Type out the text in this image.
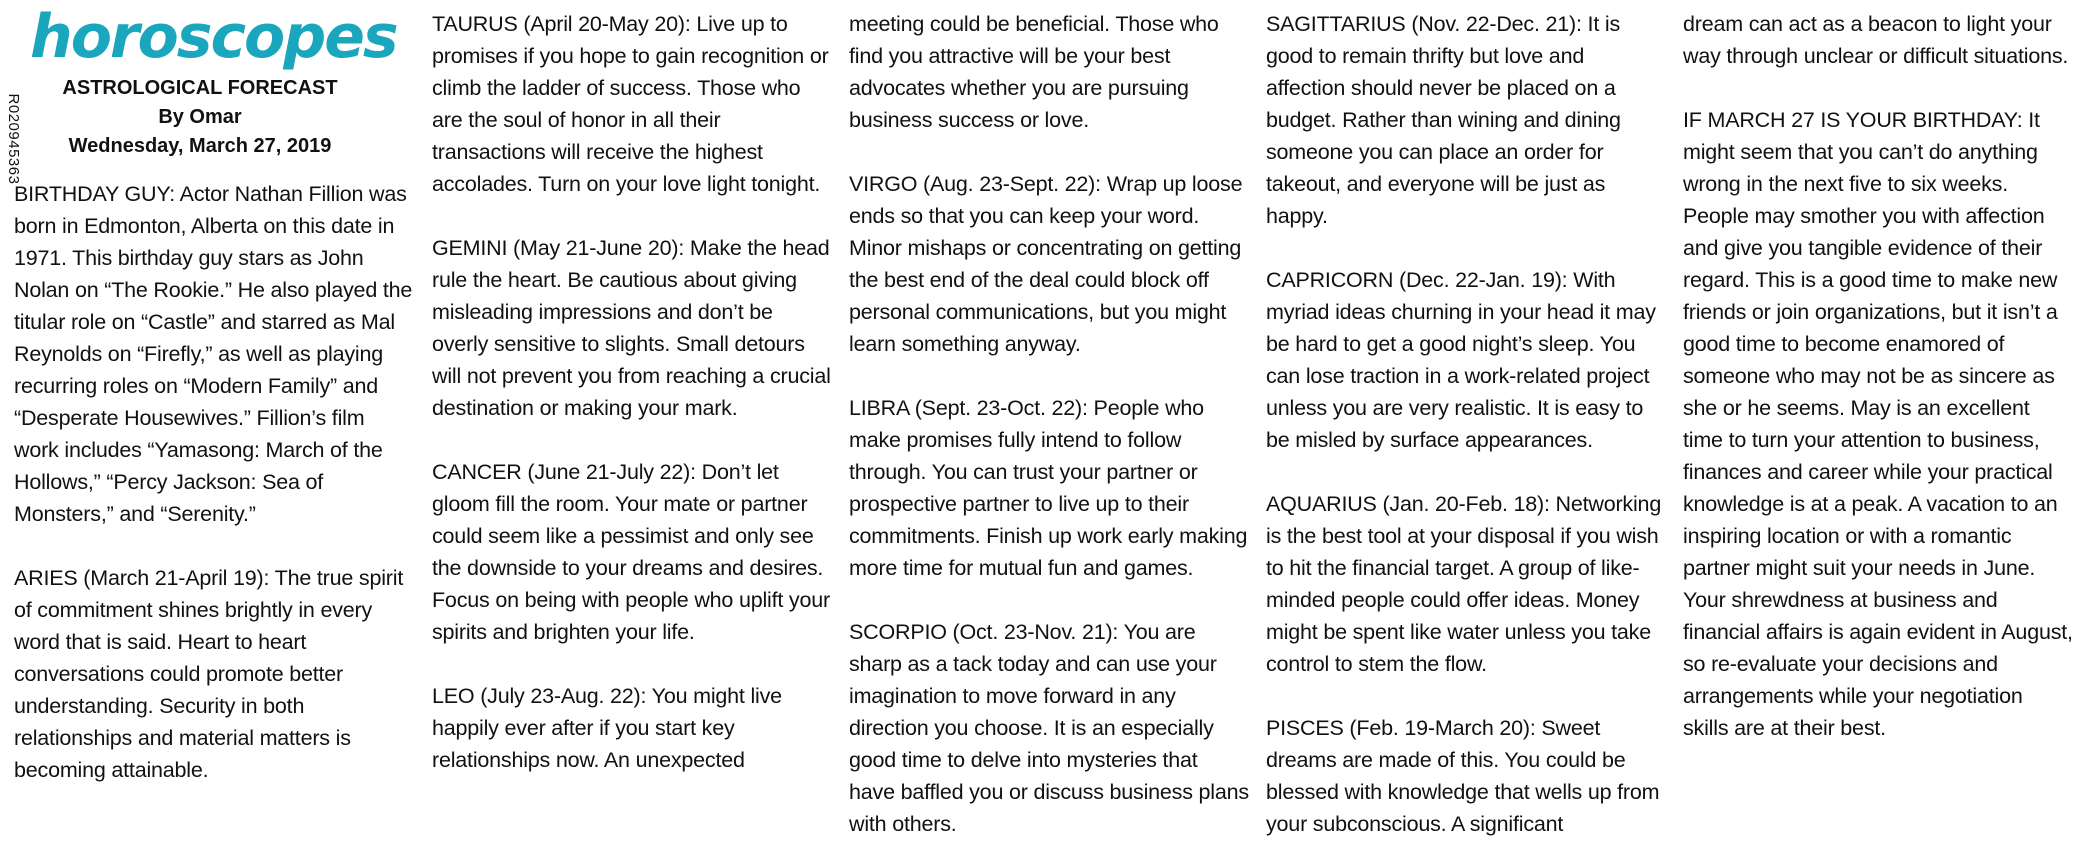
R020945363

horoscopes

ASTROLOGICAL FORECAST

By Omar

Wednesday, March 27, 2019

BIRTHDAY GUY: Actor Nathan Fillion was born in Edmonton, Alberta on this date in 1971. This birthday guy stars as John Nolan on “The Rookie.” He also played the titular role on “Castle” and starred as Mal Reynolds on “Firefly,” as well as playing recurring roles on “Modern Family” and “Desperate Housewives.” Fillion’s film work includes “Yamasong: March of the Hollows,” “Percy Jackson: Sea of Monsters,” and “Serenity.”

ARIES (March 21-April 19): The true spirit of commitment shines brightly in every word that is said. Heart to heart conversations could promote better understanding. Security in both relationships and material matters is becoming attainable.

TAURUS (April 20-May 20): Live up to promises if you hope to gain recognition or climb the ladder of success. Those who are the soul of honor in all their transactions will receive the highest accolades. Turn on your love light tonight.

GEMINI (May 21-June 20): Make the head rule the heart. Be cautious about giving misleading impressions and don’t be overly sensitive to slights. Small detours will not prevent you from reaching a crucial destination or making your mark.

CANCER (June 21-July 22): Don’t let gloom fill the room. Your mate or partner could seem like a pessimist and only see the downside to your dreams and desires. Focus on being with people who uplift your spirits and brighten your life.

LEO (July 23-Aug. 22): You might live happily ever after if you start key relationships now. An unexpected

meeting could be beneficial. Those who find you attractive will be your best advocates whether you are pursuing business success or love.

VIRGO (Aug. 23-Sept. 22): Wrap up loose ends so that you can keep your word. Minor mishaps or concentrating on getting the best end of the deal could block off personal communications, but you might learn something anyway.

LIBRA (Sept. 23-Oct. 22): People who make promises fully intend to follow through. You can trust your partner or prospective partner to live up to their commitments. Finish up work early making more time for mutual fun and games.

SCORPIO (Oct. 23-Nov. 21): You are sharp as a tack today and can use your imagination to move forward in any direction you choose. It is an especially good time to delve into mysteries that have baffled you or discuss business plans with others.

SAGITTARIUS (Nov. 22-Dec. 21): It is good to remain thrifty but love and affection should never be placed on a budget. Rather than wining and dining someone you can place an order for takeout, and everyone will be just as happy.

CAPRICORN (Dec. 22-Jan. 19): With myriad ideas churning in your head it may be hard to get a good night’s sleep. You can lose traction in a work-related project unless you are very realistic. It is easy to be misled by surface appearances.

AQUARIUS (Jan. 20-Feb. 18): Networking is the best tool at your disposal if you wish to hit the financial target. A group of like-minded people could offer ideas. Money might be spent like water unless you take control to stem the flow.

PISCES (Feb. 19-March 20): Sweet dreams are made of this. You could be blessed with knowledge that wells up from your subconscious. A significant

dream can act as a beacon to light your way through unclear or difficult situations.

IF MARCH 27 IS YOUR BIRTHDAY: It might seem that you can’t do anything wrong in the next five to six weeks. People may smother you with affection and give you tangible evidence of their regard. This is a good time to make new friends or join organizations, but it isn’t a good time to become enamored of someone who may not be as sincere as she or he seems. May is an excellent time to turn your attention to business, finances and career while your practical knowledge is at a peak. A vacation to an inspiring location or with a romantic partner might suit your needs in June. Your shrewdness at business and financial affairs is again evident in August, so re-evaluate your decisions and arrangements while your negotiation skills are at their best.
